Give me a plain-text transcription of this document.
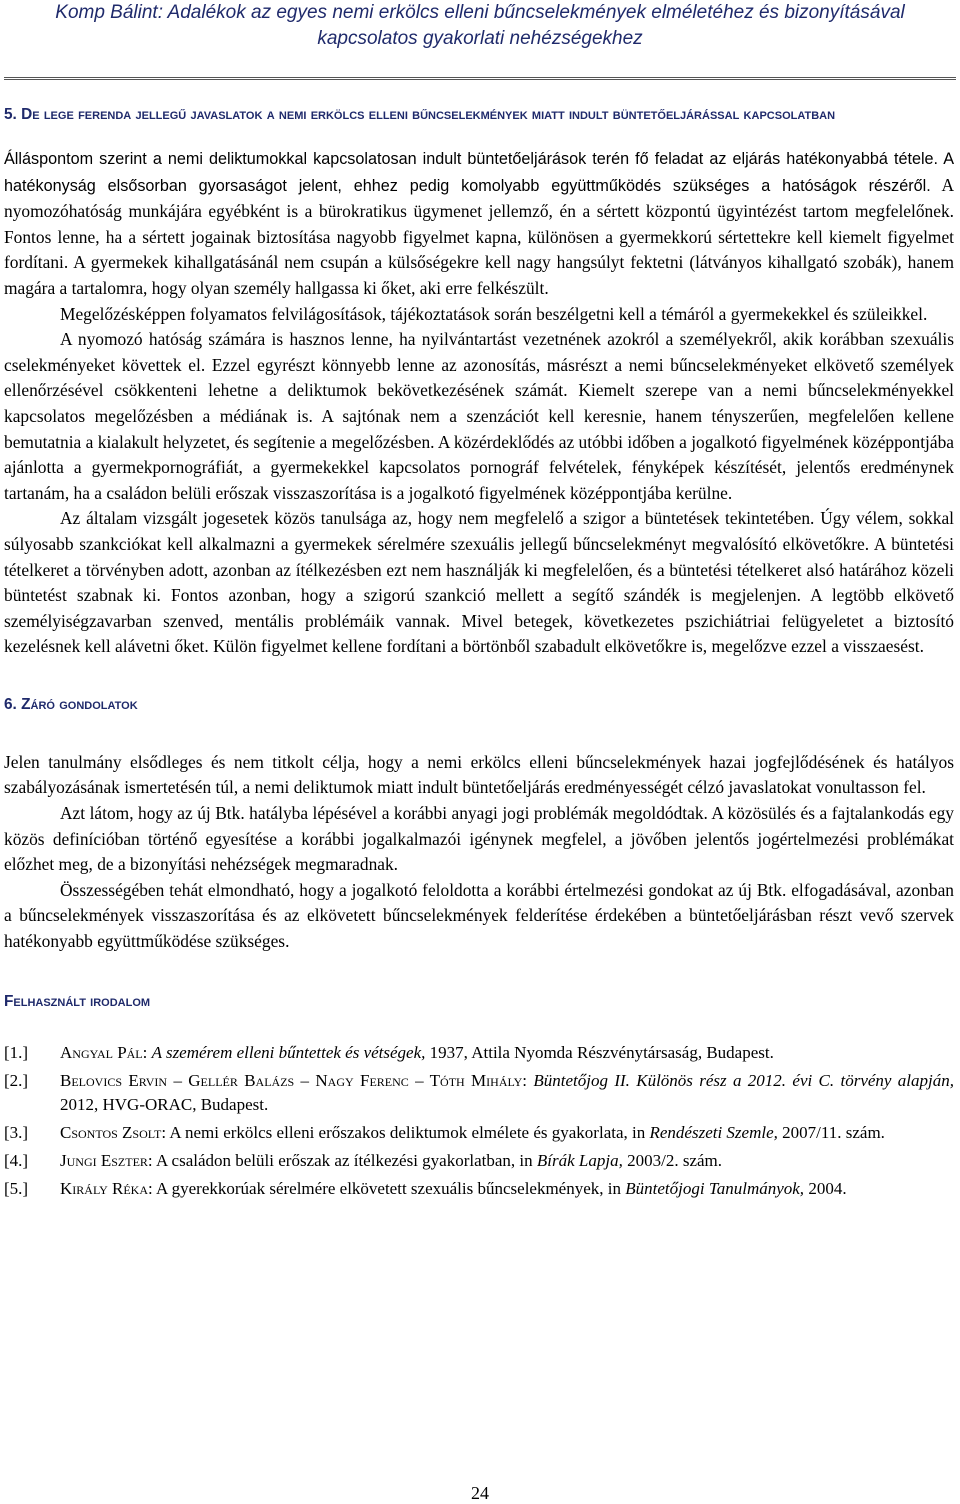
Komp Bálint: Adalékok az egyes nemi erkölcs elleni bűncselekmények elméletéhez és bizonyításával
kapcsolatos gyakorlati nehézségekhez
5. De lege ferenda jellegű javaslatok a nemi erkölcs elleni bűncselekmények miatt indult büntetőeljárással kapcsolatban

Álláspontom szerint a nemi deliktumokkal kapcsolatosan indult büntetőeljárások terén fő feladat az eljárás hatékonyabbá tétele. A hatékonyság elsősorban gyorsaságot jelent, ehhez pedig komolyabb együttműködés szükséges a hatóságok részéről. A nyomozóhatóság munkájára egyébként is a bürokratikus ügymenet jellemző, én a sértett központú ügyintézést tartom megfelelőnek. Fontos lenne, ha a sértett jogainak biztosítása nagyobb figyelmet kapna, különösen a gyermekkorú sértettekre kell kiemelt figyelmet fordítani. A gyermekek kihallgatásánál nem csupán a külsőségekre kell nagy hangsúlyt fektetni (látványos kihallgató szobák), hanem magára a tartalomra, hogy olyan személy hallgassa ki őket, aki erre felkészült.

Megelőzésképpen folyamatos felvilágosítások, tájékoztatások során beszélgetni kell a témáról a gyermekekkel és szüleikkel.

A nyomozó hatóság számára is hasznos lenne, ha nyilvántartást vezetnének azokról a személyekről, akik korábban szexuális cselekményeket követtek el. Ezzel egyrészt könnyebb lenne az azonosítás, másrészt a nemi bűncselekményeket elkövető személyek ellenőrzésével csökkenteni lehetne a deliktumok bekövetkezésének számát. Kiemelt szerepe van a nemi bűncselekményekkel kapcsolatos megelőzésben a médiának is. A sajtónak nem a szenzációt kell keresnie, hanem tényszerűen, megfelelően kellene bemutatnia a kialakult helyzetet, és segítenie a megelőzésben. A közérdeklődés az utóbbi időben a jogalkotó figyelmének középpontjába ajánlotta a gyermekpornográfiát, a gyermekekkel kapcsolatos pornográf felvételek, fényképek készítését, jelentős eredménynek tartanám, ha a családon belüli erőszak visszaszorítása is a jogalkotó figyelmének középpontjába kerülne.

Az általam vizsgált jogesetek közös tanulsága az, hogy nem megfelelő a szigor a büntetések tekintetében. Úgy vélem, sokkal súlyosabb szankciókat kell alkalmazni a gyermekek sérelmére szexuális jellegű bűncselekményt megvalósító elkövetőkre. A büntetési tételkeret a törvényben adott, azonban az ítélkezésben ezt nem használják ki megfelelően, és a büntetési tételkeret alsó határához közeli büntetést szabnak ki. Fontos azonban, hogy a szigorú szankció mellett a segítő szándék is megjelenjen. A legtöbb elkövető személyiségzavarban szenved, mentális problémáik vannak. Mivel betegek, következetes pszichiátriai felügyeletet a biztosító kezelésnek kell alávetni őket. Külön figyelmet kellene fordítani a börtönből szabadult elkövetőkre is, megelőzve ezzel a visszaesést.

6. Záró gondolatok

Jelen tanulmány elsődleges és nem titkolt célja, hogy a nemi erkölcs elleni bűncselekmények hazai jogfejlődésének és hatályos szabályozásának ismertetésén túl, a nemi deliktumok miatt indult büntetőeljárás eredményességét célzó javaslatokat vonultasson fel.

Azt látom, hogy az új Btk. hatályba lépésével a korábbi anyagi jogi problémák megoldódtak. A közösülés és a fajtalankodás egy közös definícióban történő egyesítése a korábbi jogalkalmazói igénynek megfelel, a jövőben jelentős jogértelmezési problémákat előzhet meg, de a bizonyítási nehézségek megmaradnak.

Összességében tehát elmondható, hogy a jogalkotó feloldotta a korábbi értelmezési gondokat az új Btk. elfogadásával, azonban a bűncselekmények visszaszorítása és az elkövetett bűncselekmények felderítése érdekében a büntetőeljárásban részt vevő szervek hatékonyabb együttműködése szükséges.

Felhasznált irodalom
[1.]	Angyal Pál: A szemérem elleni bűntettek és vétségek, 1937, Attila Nyomda Részvénytársaság, Budapest.
[2.]	Belovics Ervin – Gellér Balázs – Nagy Ferenc – Tóth Mihály: Büntetőjog II. Különös rész a 2012. évi C. törvény alapján, 2012, HVG-ORAC, Budapest.
[3.]	Csontos Zsolt: A nemi erkölcs elleni erőszakos deliktumok elmélete és gyakorlata, in Rendészeti Szemle, 2007/11. szám.
[4.]	Jungi Eszter: A családon belüli erőszak az ítélkezési gyakorlatban, in Bírák Lapja, 2003/2. szám.
[5.]	Király Réka: A gyerekkorúak sérelmére elkövetett szexuális bűncselekmények, in Büntetőjogi Tanulmányok, 2004.
24
